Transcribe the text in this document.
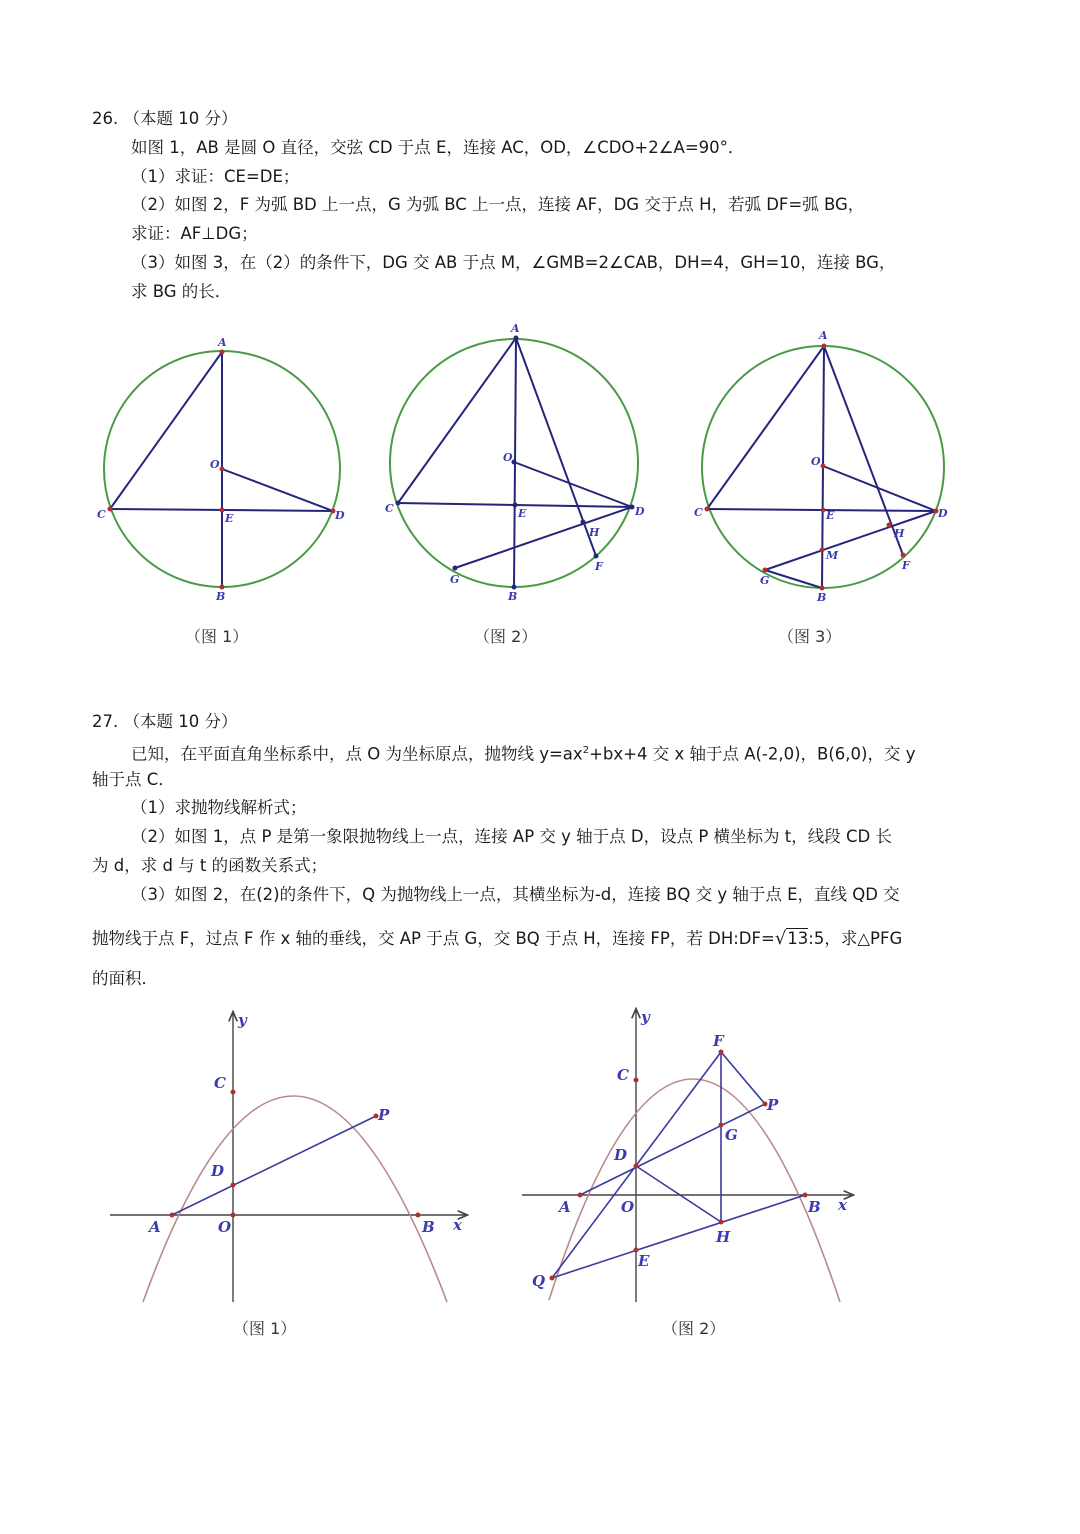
26. （本题 10 分）
如图 1，AB 是圆 O 直径，交弦 CD 于点 E，连接 AC，OD，∠CDO+2∠A=90°．
（1）求证：CE=DE；
（2）如图 2，F 为弧 BD 上一点，G 为弧 BC 上一点，连接 AF，DG 交于点 H，若弧 DF=弧 BG，
求证：AF⊥DG；
（3）如图 3，在（2）的条件下，DG 交 AB 于点 M，∠GMB=2∠CAB，DH=4，GH=10，连接 BG，
求 BG 的长．
A
B
C	D
O
E
A
B
C	D
O
E
H
F
G
A
B
C	D
O
E
H
F
G
M
（图 1）	（图 2）	（图 3）
27. （本题 10 分）
已知，在平面直角坐标系中，点 O 为坐标原点，抛物线 $y=ax^2+bx+4$ 交 x 轴于点 A(-2,0)，B(6,0)，交 y
轴于点 C．
（1）求抛物线解析式；
（2）如图 1，点 P 是第一象限抛物线上一点，连接 AP 交 y 轴于点 D，设点 P 横坐标为 t，线段 CD 长
为 d，求 d 与 t 的函数关系式；
（3）如图 2，在(2)的条件下，Q 为抛物线上一点，其横坐标为-d，连接 BQ 交 y 轴于点 E，直线 QD 交
抛物线于点 F，过点 F 作 x 轴的垂线，交 AP 于点 G，交 BQ 于点 H，连接 FP，若 DH:DF=√13:5，求△PFG
的面积．
y
x
C
D
A	O	B
P
y
x
C
D
A	O	B
E
F
G
H
P
Q
（图 1）	（图 2）
